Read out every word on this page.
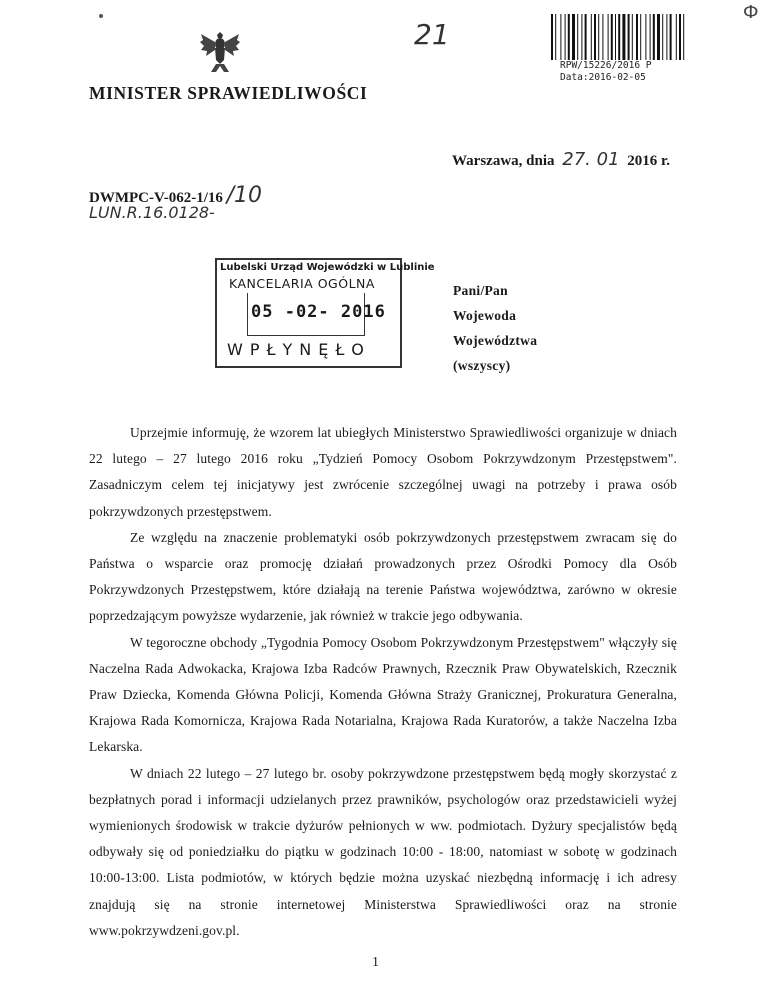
MINISTER SPRAWIEDLIWOŚCI
RPW/15226/2016 P
Data:2016-02-05
21
Ф
Warszawa, dnia 27. 01 2016 r.
DWMPC-V-062-1/16 /10
LUN.R.16.0128-
Lubelski Urząd Wojewódzki w Lublinie
KANCELARIA OGÓLNA
05 -02- 2016
WPŁYNĘŁO
Pani/Pan
Wojewoda
Województwa
(wszyscy)

Uprzejmie informuję, że wzorem lat ubiegłych Ministerstwo Sprawiedliwości organizuje w dniach 22 lutego – 27 lutego 2016 roku „Tydzień Pomocy Osobom Pokrzywdzonym Przestępstwem". Zasadniczym celem tej inicjatywy jest zwrócenie szczególnej uwagi na potrzeby i prawa osób pokrzywdzonych przestępstwem.

Ze względu na znaczenie problematyki osób pokrzywdzonych przestępstwem zwracam się do Państwa o wsparcie oraz promocję działań prowadzonych przez Ośrodki Pomocy dla Osób Pokrzywdzonych Przestępstwem, które działają na terenie Państwa województwa, zarówno w okresie poprzedzającym powyższe wydarzenie, jak również w trakcie jego odbywania.

W tegoroczne obchody „Tygodnia Pomocy Osobom Pokrzywdzonym Przestępstwem" włączyły się Naczelna Rada Adwokacka, Krajowa Izba Radców Prawnych, Rzecznik Praw Obywatelskich, Rzecznik Praw Dziecka, Komenda Główna Policji, Komenda Główna Straży Granicznej, Prokuratura Generalna, Krajowa Rada Komornicza, Krajowa Rada Notarialna, Krajowa Rada Kuratorów, a także Naczelna Izba Lekarska.

W dniach 22 lutego – 27 lutego br. osoby pokrzywdzone przestępstwem będą mogły skorzystać z bezpłatnych porad i informacji udzielanych przez prawników, psychologów oraz przedstawicieli wyżej wymienionych środowisk w trakcie dyżurów pełnionych w ww. podmiotach. Dyżury specjalistów będą odbywały się od poniedziałku do piątku w godzinach 10:00 - 18:00, natomiast w sobotę w godzinach 10:00-13:00. Lista podmiotów, w których będzie można uzyskać niezbędną informację i ich adresy znajdują się na stronie internetowej Ministerstwa Sprawiedliwości oraz na stronie www.pokrzywdzeni.gov.pl.

1
